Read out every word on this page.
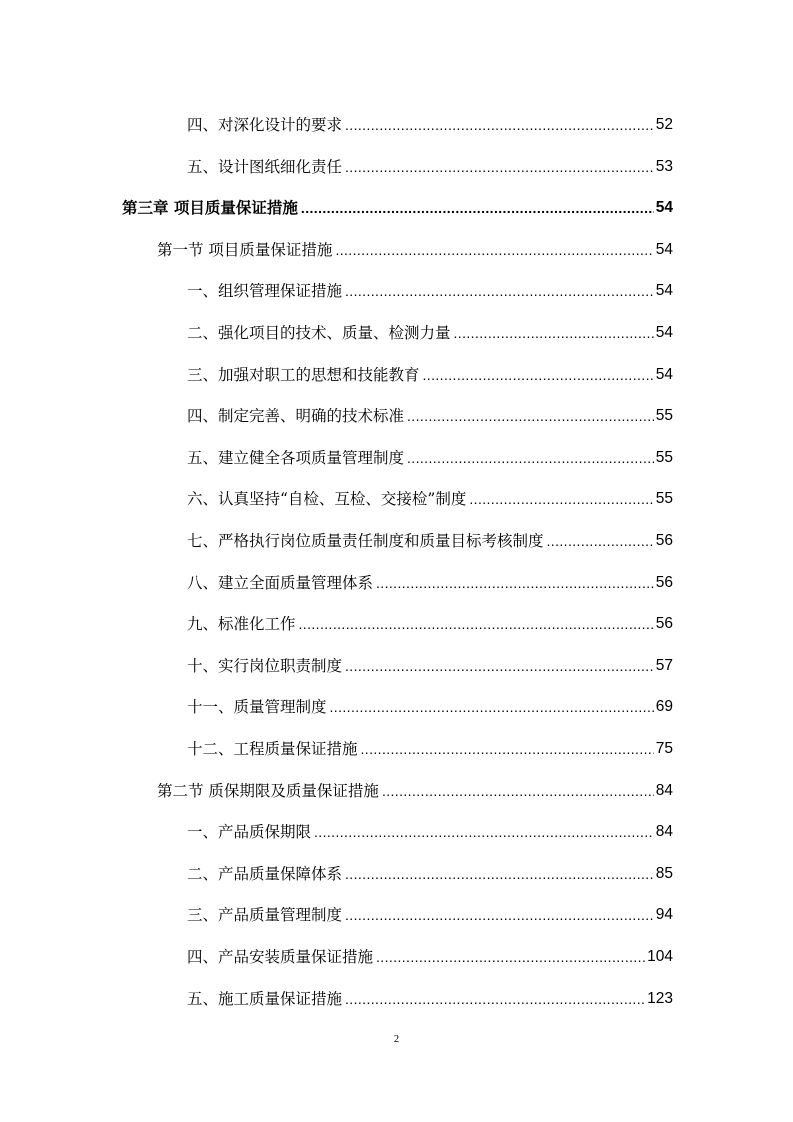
四、对深化设计的要求 .....	52
五、设计图纸细化责任 .....	53
第三章 项目质量保证措施 .....	54
第一节 项目质量保证措施 .....	54
一、组织管理保证措施 .....	54
二、强化项目的技术、质量、检测力量 .....	54
三、加强对职工的思想和技能教育 .....	54
四、制定完善、明确的技术标准 .....	55
五、建立健全各项质量管理制度 .....	55
六、认真坚持“自检、互检、交接检”制度 .....	55
七、严格执行岗位质量责任制度和质量目标考核制度 .....	56
八、建立全面质量管理体系 .....	56
九、标准化工作 .....	56
十、实行岗位职责制度 .....	57
十一、质量管理制度 .....	69
十二、工程质量保证措施 .....	75
第二节 质保期限及质量保证措施 .....	84
一、产品质保期限 .....	84
二、产品质量保障体系 .....	85
三、产品质量管理制度 .....	94
四、产品安装质量保证措施 .....	104
五、施工质量保证措施 .....	123
2
